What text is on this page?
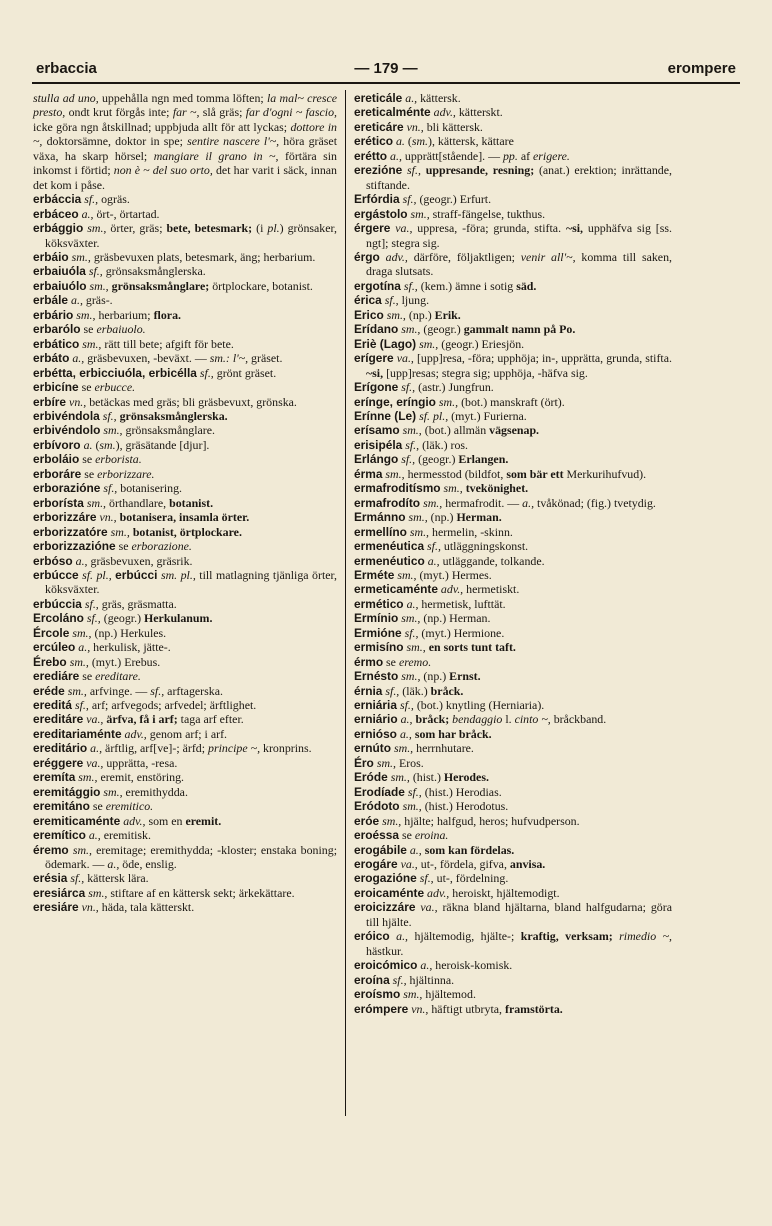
erbaccia	— 179 —	erompere
stulla ad uno, uppehålla ngn med tomma löften; la mal~ cresce presto, ondt krut förgås inte; far ~, slå gräs; far d'ogni ~ fascio, icke göra ngn åtskillnad; uppbjuda allt för att lyckas; dottore in ~, doktorsämne, doktor in spe; sentire nascere l'~, höra gräset växa, ha skarp hörsel; mangiare il grano in ~, förtära sin inkomst i förtid; non è ~ del suo orto, det har varit i säck, innan det kom i påse.
erbáccia sf., ogräs.
erbáceo a., ört-, örtartad.
erbággio sm., örter, gräs; bete, betesmark; (i pl.) grönsaker, köksväxter.
erbáio sm., gräsbevuxen plats, betesmark, äng; herbarium.
erbaiuóla sf., grönsaksmånglerska.
erbaiuólo sm., grönsaksmånglare; örtplockare, botanist.
erbále a., gräs-.
erbário sm., herbarium; flora.
erbarólo se erbaiuolo.
erbático sm., rätt till bete; afgift för bete.
erbáto a., gräsbevuxen, -beväxt. — sm.: l'~, gräset.
erbétta, erbicciuóla, erbicélla sf., grönt gräset.
erbicíne se erbucce.
erbíre vn., betäckas med gräs; bli gräsbevuxt, grönska.
erbivéndola sf., grönsaksmånglerska.
erbivéndolo sm., grönsaksmånglare.
erbívoro a. (sm.), gräsätande [djur].
erboláio se erborista.
erboráre se erborizzare.
erborazióne sf., botanisering.
erborísta sm., örthandlare, botanist.
erborizzáre vn., botanisera, insamla örter.
erborizzatóre sm., botanist, örtplockare.
erborizzazióne se erborazione.
erbóso a., gräsbevuxen, gräsrik.
erbúcce sf. pl., erbúcci sm. pl., till matlagning tjänliga örter, köksväxter.
erbúccia sf., gräs, gräsmatta.
Ercoláno sf., (geogr.) Herkulanum.
Ércole sm., (np.) Herkules.
ercúleo a., herkulisk, jätte-.
Érebo sm., (myt.) Erebus.
erediáre se ereditare.
eréde sm., arfvinge. — sf., arftagerska.
ereditá sf., arf; arfvegods; arfvedel; ärftlighet.
ereditáre va., ärfva, få i arf; taga arf efter.
ereditariaménte adv., genom arf; i arf.
ereditário a., ärftlig, arf[ve]-; ärfd; principe ~, kronprins.
eréggere va., upprätta, -resa.
eremíta sm., eremit, enstöring.
eremitággio sm., eremithydda.
eremitáno se eremitico.
eremiticaménte adv., som en eremit.
eremítico a., eremitisk.
éremo sm., eremitage; eremithydda; -kloster; enstaka boning; ödemark. — a., öde, enslig.
erésia sf., kättersk lära.
eresiárca sm., stiftare af en kättersk sekt; ärkekättare.
eresiáre vn., häda, tala kätterskt.
ereticále a., kättersk.
ereticalménte adv., kätterskt.
ereticáre vn., bli kättersk.
erético a. (sm.), kättersk, kättare
erétto a., upprätt[stående]. — pp. af erigere.
erezióne sf., uppresande, resning; (anat.) erektion; inrättande, stiftande.
Erfórdia sf., (geogr.) Erfurt.
ergástolo sm., straff-fängelse, tukthus.
érgere va., uppresa, -föra; grunda, stifta. ~si, upphäfva sig [ss. ngt]; stegra sig.
érgo adv., därföre, följaktligen; venir all'~, komma till saken, draga slutsats.
ergotína sf., (kem.) ämne i sotig säd.
érica sf., ljung.
Erico sm., (np.) Erik.
Erídano sm., (geogr.) gammalt namn på Po.
Eriè (Lago) sm., (geogr.) Eriesjön.
erígere va., [upp]resa, -föra; upphöja; in-, upprätta, grunda, stifta. ~si, [upp]resas; stegra sig; upphöja, -häfva sig.
Erígone sf., (astr.) Jungfrun.
erínge, eríngio sm., (bot.) manskraft (ört).
Erínne (Le) sf. pl., (myt.) Furierna.
erísamo sm., (bot.) allmän vägsenap.
erisipéla sf., (läk.) ros.
Erlángo sf., (geogr.) Erlangen.
érma sm., hermesstod (bildfot, som bär ett Merkurihufvud).
ermafroditísmo sm., tvekönighet.
ermafrodíto sm., hermafrodit. — a., tvåkönad; (fig.) tvetydig.
Ermánno sm., (np.) Herman.
ermellíno sm., hermelin, -skinn.
ermenéutica sf., utläggningskonst.
ermenéutico a., utläggande, tolkande.
Erméte sm., (myt.) Hermes.
ermeticaménte adv., hermetiskt.
ermético a., hermetisk, lufttät.
Ermínio sm., (np.) Herman.
Ermióne sf., (myt.) Hermione.
ermisíno sm., en sorts tunt taft.
érmo se eremo.
Ernésto sm., (np.) Ernst.
érnia sf., (läk.) bråck.
erniária sf., (bot.) knytling (Herniaria).
erniário a., bråck; bendaggio l. cinto ~, bråckband.
ernióso a., som har bråck.
ernúto sm., herrnhutare.
Éro sm., Eros.
Eróde sm., (hist.) Herodes.
Erodíade sf., (hist.) Herodias.
Eródoto sm., (hist.) Herodotus.
eróe sm., hjälte; halfgud, heros; hufvudperson.
eroéssa se eroina.
erogábile a., som kan fördelas.
erogáre va., ut-, fördela, gifva, anvisa.
erogazióne sf., ut-, fördelning.
eroicaménte adv., heroiskt, hjältemodigt.
eroicizzáre va., räkna bland hjältarna, bland halfgudarna; göra till hjälte.
eróico a., hjältemodig, hjälte-; kraftig, verksam; rimedio ~, hästkur.
eroicómico a., heroisk-komisk.
eroína sf., hjältinna.
eroísmo sm., hjältemod.
erómpere vn., häftigt utbryta, framstörta.
